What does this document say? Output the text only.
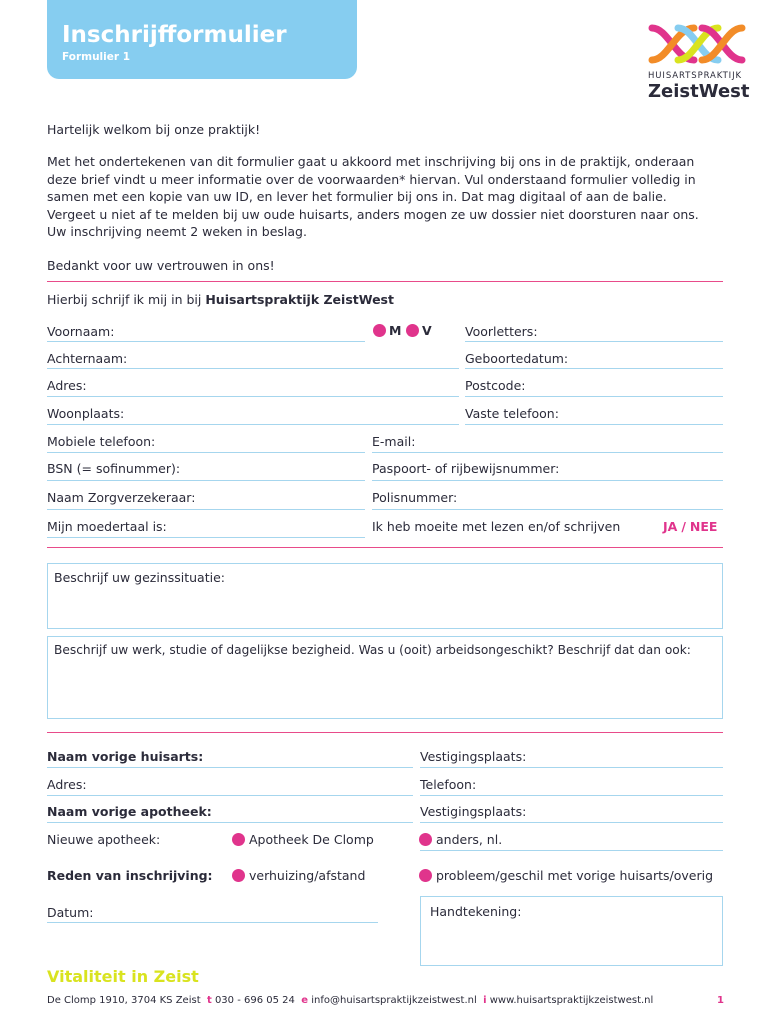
Inschrijfformulier
Formulier 1
HUISARTSPRAKTIJK
ZeistWest
Hartelijk welkom bij onze praktijk!
Met het ondertekenen van dit formulier gaat u akkoord met inschrijving bij ons in de praktijk, onderaan
deze brief vindt u meer informatie over de voorwaarden* hiervan. Vul onderstaand formulier volledig in
samen met een kopie van uw ID, en lever het formulier bij ons in. Dat mag digitaal of aan de balie.
Vergeet u niet af te melden bij uw oude huisarts, anders mogen ze uw dossier niet doorsturen naar ons.
Uw inschrijving neemt 2 weken in beslag.
Bedankt voor uw vertrouwen in ons!
Hierbij schrijf ik mij in bij Huisartspraktijk ZeistWest
Voornaam:	M V	Voorletters:
Achternaam:	Geboortedatum:
Adres:	Postcode:
Woonplaats:	Vaste telefoon:
Mobiele telefoon:	E-mail:
BSN (= sofinummer):	Paspoort- of rijbewijsnummer:
Naam Zorgverzekeraar:	Polisnummer:
Mijn moedertaal is:	Ik heb moeite met lezen en/of schrijven	JA / NEE
Beschrijf uw gezinssituatie:
Beschrijf uw werk, studie of dagelijkse bezigheid. Was u (ooit) arbeidsongeschikt? Beschrijf dat dan ook:
Naam vorige huisarts:	Vestigingsplaats:
Adres:	Telefoon:
Naam vorige apotheek:	Vestigingsplaats:
Nieuwe apotheek:	Apotheek De Clomp	anders, nl.
Reden van inschrijving:	verhuizing/afstand	probleem/geschil met vorige huisarts/overig
Datum:	Handtekening:
Vitaliteit in Zeist
De Clomp 1910, 3704 KS Zeist t 030 - 696 05 24 e info@huisartspraktijkzeistwest.nl i www.huisartspraktijkzeistwest.nl	1
